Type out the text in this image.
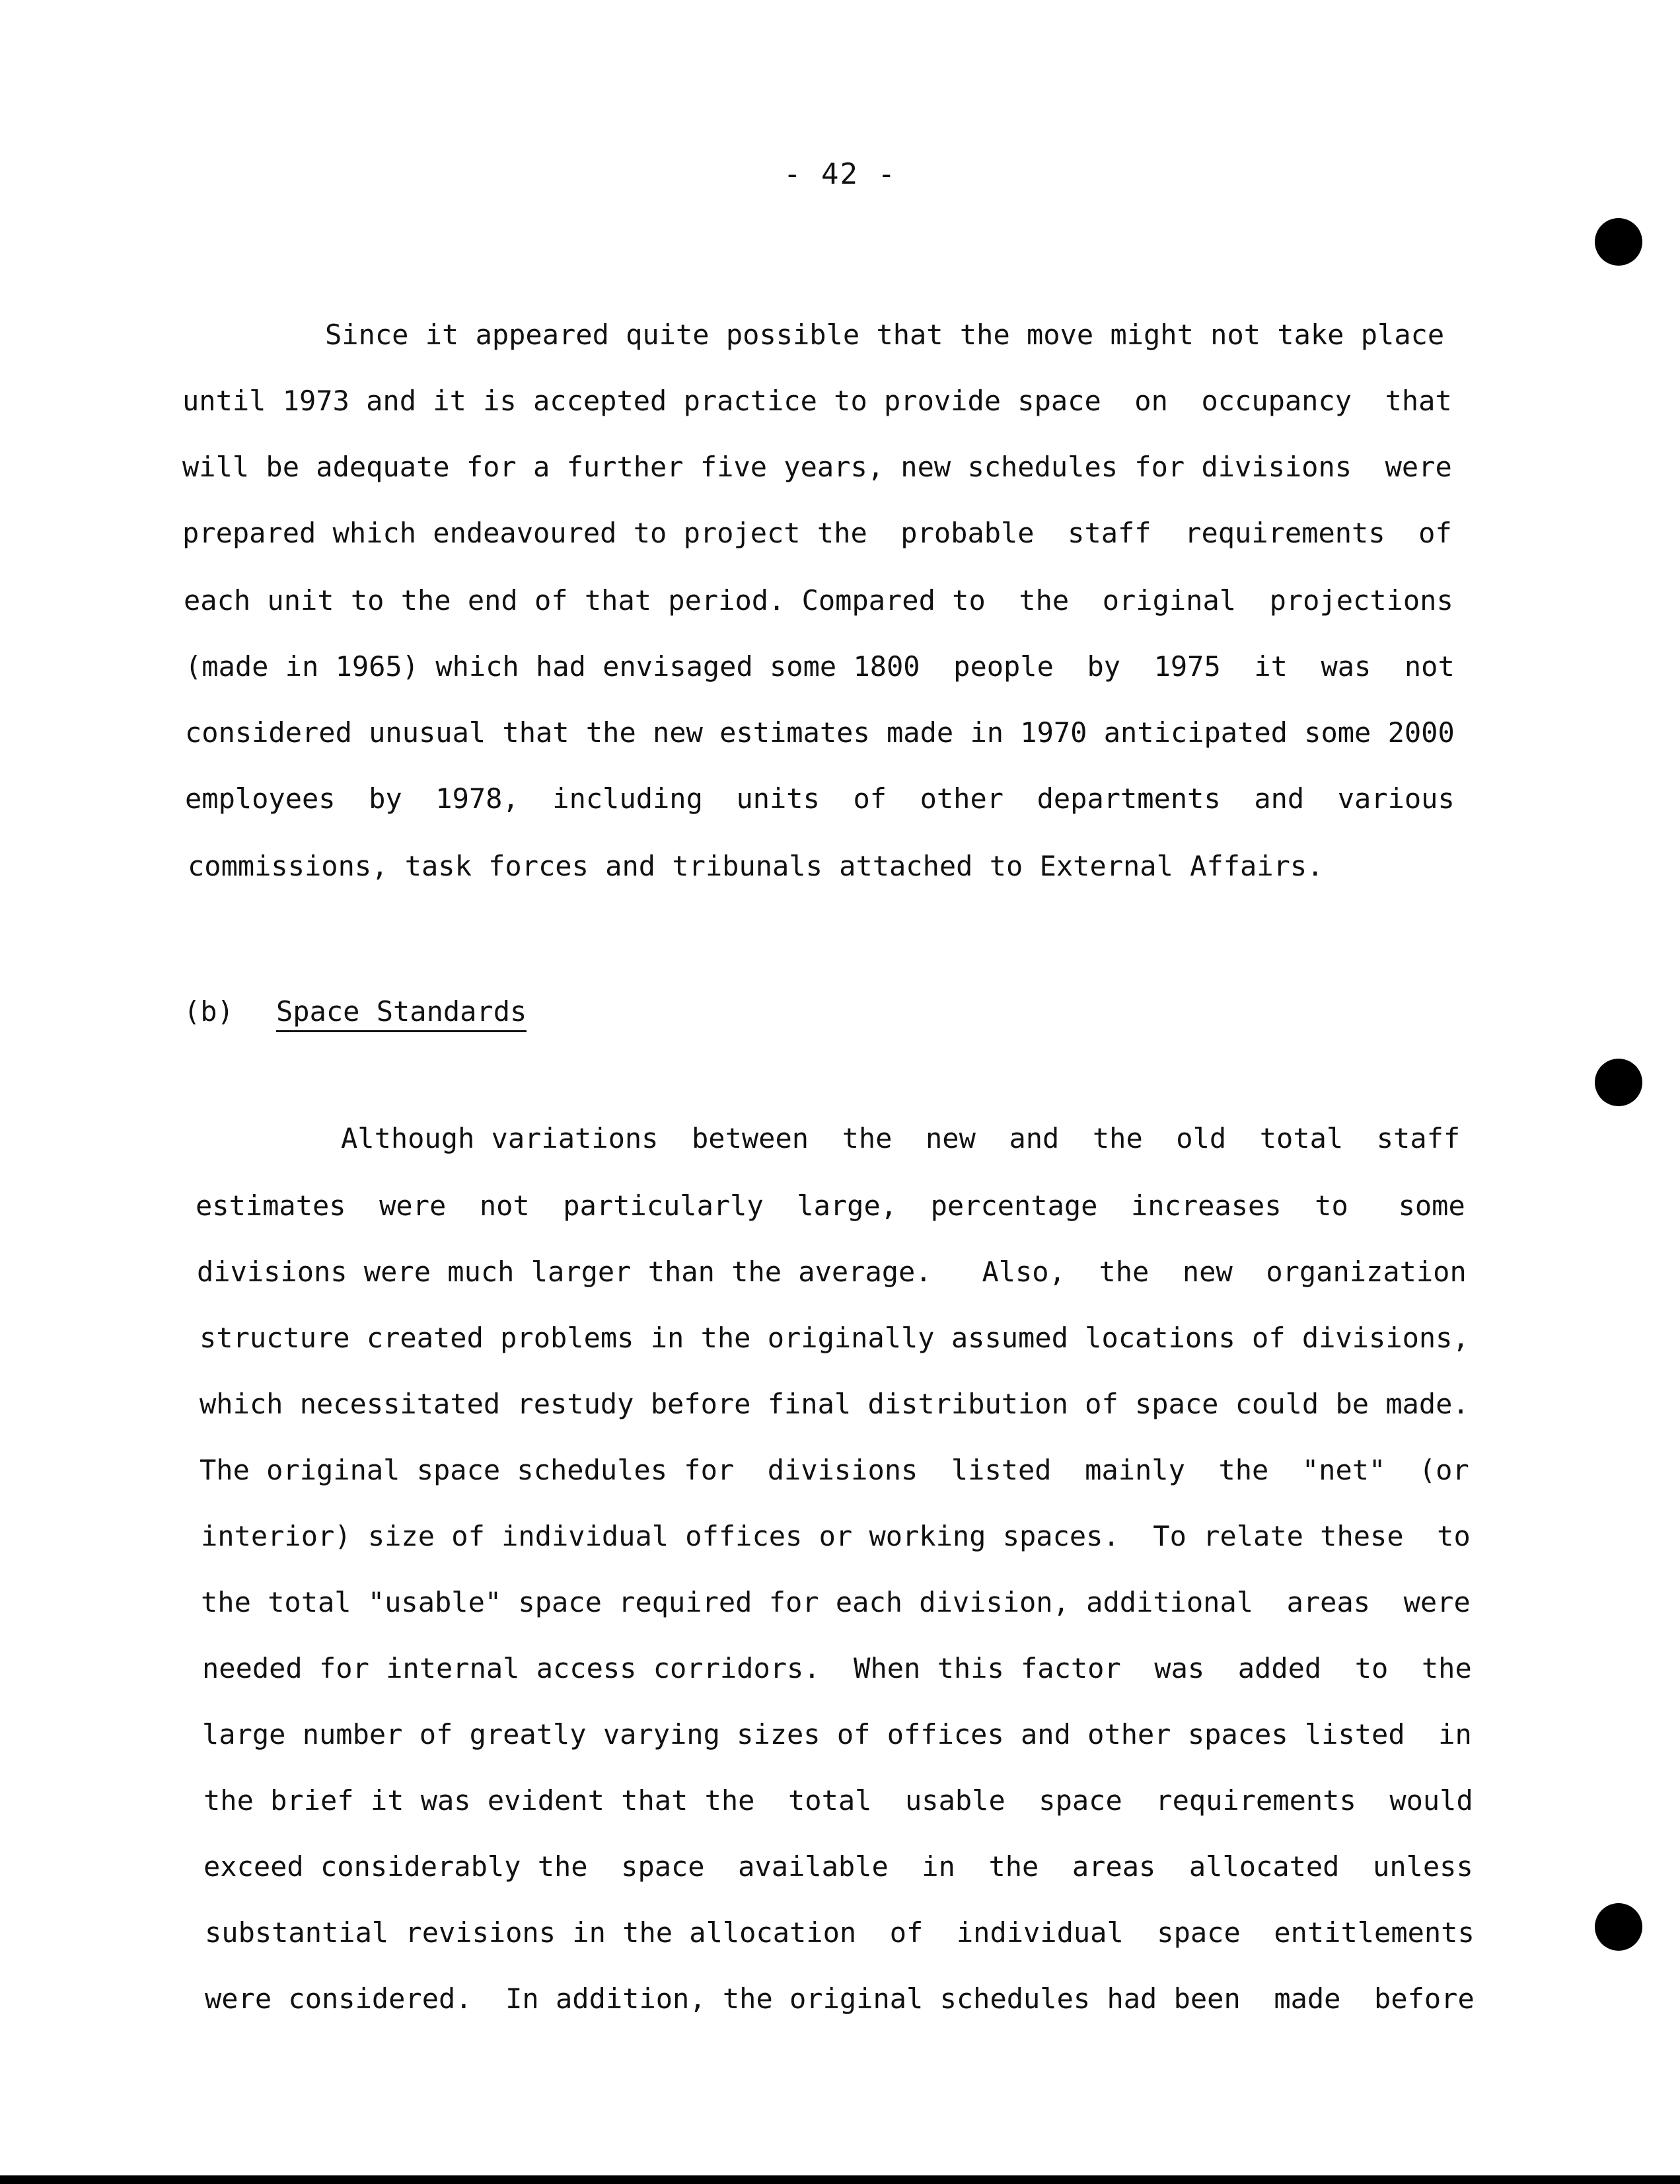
- 42 -
Since it appeared quite possible that the move might not take place
until 1973 and it is accepted practice to provide space  on  occupancy  that
will be adequate for a further five years, new schedules for divisions  were
prepared which endeavoured to project the  probable  staff  requirements  of
each unit to the end of that period. Compared to  the  original  projections
(made in 1965) which had envisaged some 1800  people  by  1975  it  was  not
considered unusual that the new estimates made in 1970 anticipated some 2000
employees  by  1978,  including  units  of  other  departments  and  various
commissions, task forces and tribunals attached to External Affairs.
(b) Space Standards
Although variations  between  the  new  and  the  old  total  staff
estimates  were  not  particularly  large,  percentage  increases  to   some
divisions were much larger than the average.   Also,  the  new  organization
structure created problems in the originally assumed locations of divisions,
which necessitated restudy before final distribution of space could be made.
The original space schedules for  divisions  listed  mainly  the  "net"  (or
interior) size of individual offices or working spaces.  To relate these  to
the total "usable" space required for each division, additional  areas  were
needed for internal access corridors.  When this factor  was  added  to  the
large number of greatly varying sizes of offices and other spaces listed  in
the brief it was evident that the  total  usable  space  requirements  would
exceed considerably the  space  available  in  the  areas  allocated  unless
substantial revisions in the allocation  of  individual  space  entitlements
were considered.  In addition, the original schedules had been  made  before
